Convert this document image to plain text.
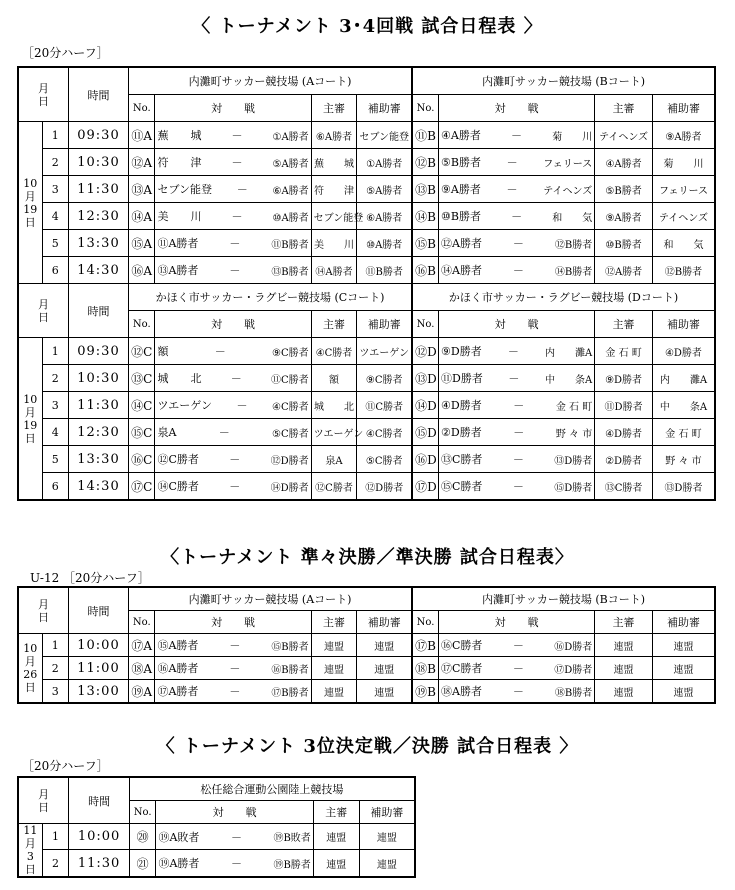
〈 トーナメント 3･4回戦 試合日程表 〉
［20分ハーフ］
月
日		時間	内灘町サッカー競技場 (Aコート)				内灘町サッカー競技場 (Bコート)			
			No.	対　　戦	主審	補助審	No.	対　　戦	主審	補助審
10
月
19
日	1	09:30	⑪A	蕪　　城 － ①A勝者	⑥A勝者	セブン能登	⑪B	④A勝者 － 菊　　川	テイヘンズ	⑨A勝者
	2	10:30	⑫A	符　　津 － ⑤A勝者	蕪　　城	①A勝者	⑫B	⑤B勝者 － フェリース	④A勝者	菊　　川
	3	11:30	⑬A	セブン能登 － ⑥A勝者	符　　津	⑤A勝者	⑬B	⑨A勝者 － テイヘンズ	⑤B勝者	フェリース
	4	12:30	⑭A	美　　川 － ⑩A勝者	セブン能登	⑥A勝者	⑭B	⑩B勝者 － 和　　気	⑨A勝者	テイヘンズ
	5	13:30	⑮A	⑪A勝者 － ⑪B勝者	美　　川	⑩A勝者	⑮B	⑫A勝者 － ⑫B勝者	⑩B勝者	和　　気
	6	14:30	⑯A	⑬A勝者 － ⑬B勝者	⑭A勝者	⑪B勝者	⑯B	⑭A勝者 － ⑭B勝者	⑫A勝者	⑫B勝者
月
日		時間	かほく市サッカー・ラグビー競技場 (Cコート)				かほく市サッカー・ラグビー競技場 (Dコート)			
			No.	対　　戦	主審	補助審	No.	対　　戦	主審	補助審
10
月
19
日	1	09:30	⑫C	額 － ⑨C勝者	④C勝者	ツエーゲン	⑫D	⑨D勝者 － 内　　灘A	金 石 町	④D勝者
	2	10:30	⑬C	城　　北 － ⑪C勝者	額	⑨C勝者	⑬D	⑪D勝者 － 中　　条A	⑨D勝者	内　　灘A
	3	11:30	⑭C	ツエーゲン － ④C勝者	城　　北	⑪C勝者	⑭D	④D勝者 － 金 石 町	⑪D勝者	中　　条A
	4	12:30	⑮C	泉A － ⑤C勝者	ツエーゲン	④C勝者	⑮D	②D勝者 － 野 々 市	④D勝者	金 石 町
	5	13:30	⑯C	⑫C勝者 － ⑫D勝者	泉A	⑤C勝者	⑯D	⑬C勝者 － ⑬D勝者	②D勝者	野 々 市
	6	14:30	⑰C	⑭C勝者 － ⑭D勝者	⑫C勝者	⑫D勝者	⑰D	⑮C勝者 － ⑮D勝者	⑬C勝者	⑬D勝者
〈トーナメント 準々決勝／準決勝 試合日程表〉
U-12 ［20分ハーフ］
月
日		時間	内灘町サッカー競技場 (Aコート)				内灘町サッカー競技場 (Bコート)			
			No.	対　　戦	主審	補助審	No.	対　　戦	主審	補助審
10
月
26
日	1	10:00	⑰A	⑮A勝者 － ⑮B勝者	連盟	連盟	⑰B	⑯C勝者 － ⑯D勝者	連盟	連盟
	2	11:00	⑱A	⑯A勝者 － ⑯B勝者	連盟	連盟	⑱B	⑰C勝者 － ⑰D勝者	連盟	連盟
	3	13:00	⑲A	⑰A勝者 － ⑰B勝者	連盟	連盟	⑲B	⑱A勝者 － ⑱B勝者	連盟	連盟
〈 トーナメント 3位決定戦／決勝 試合日程表 〉
［20分ハーフ］
月
日		時間	松任総合運動公園陸上競技場			
			No.	対　　戦	主審	補助審
11
月
3
日	1	10:00	⑳	⑲A敗者 － ⑲B敗者	連盟	連盟
	2	11:30	㉑	⑲A勝者 － ⑲B勝者	連盟	連盟
